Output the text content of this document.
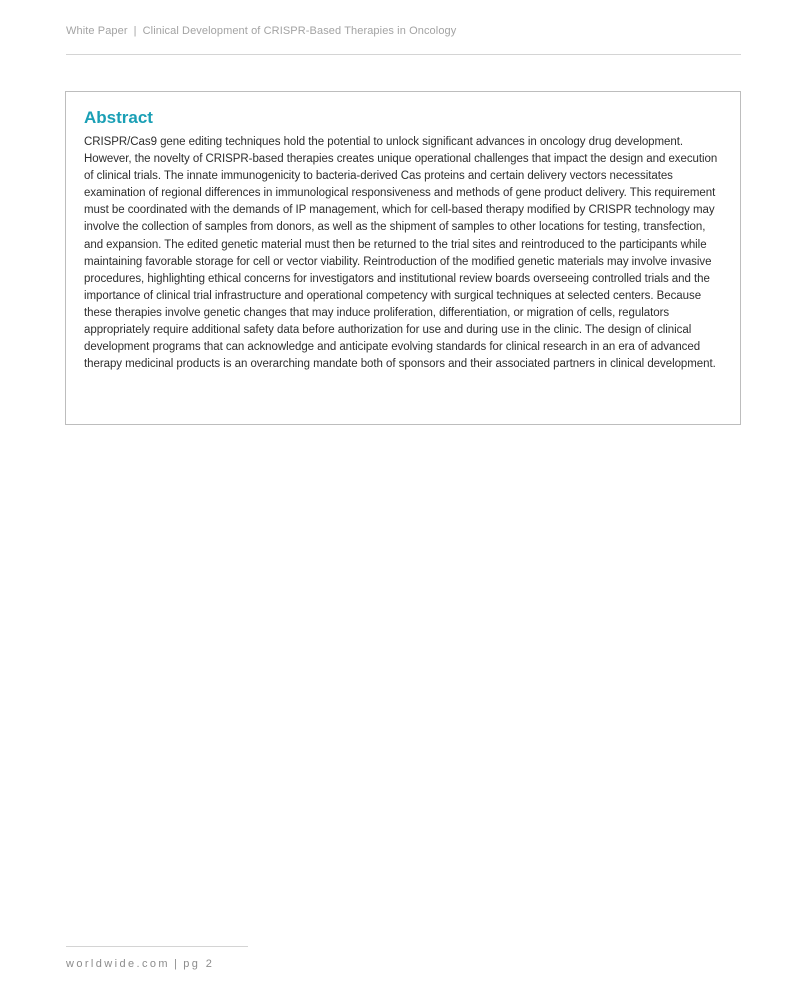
White Paper | Clinical Development of CRISPR-Based Therapies in Oncology
Abstract

CRISPR/Cas9 gene editing techniques hold the potential to unlock significant advances in oncology drug development. However, the novelty of CRISPR-based therapies creates unique operational challenges that impact the design and execution of clinical trials. The innate immunogenicity to bacteria-derived Cas proteins and certain delivery vectors necessitates examination of regional differences in immunological responsiveness and methods of gene product delivery. This requirement must be coordinated with the demands of IP management, which for cell-based therapy modified by CRISPR technology may involve the collection of samples from donors, as well as the shipment of samples to other locations for testing, transfection, and expansion. The edited genetic material must then be returned to the trial sites and reintroduced to the participants while maintaining favorable storage for cell or vector viability. Reintroduction of the modified genetic materials may involve invasive procedures, highlighting ethical concerns for investigators and institutional review boards overseeing controlled trials and the importance of clinical trial infrastructure and operational competency with surgical techniques at selected centers. Because these therapies involve genetic changes that may induce proliferation, differentiation, or migration of cells, regulators appropriately require additional safety data before authorization for use and during use in the clinic. The design of clinical development programs that can acknowledge and anticipate evolving standards for clinical research in an era of advanced therapy medicinal products is an overarching mandate both of sponsors and their associated partners in clinical development.

worldwide.com | pg 2
